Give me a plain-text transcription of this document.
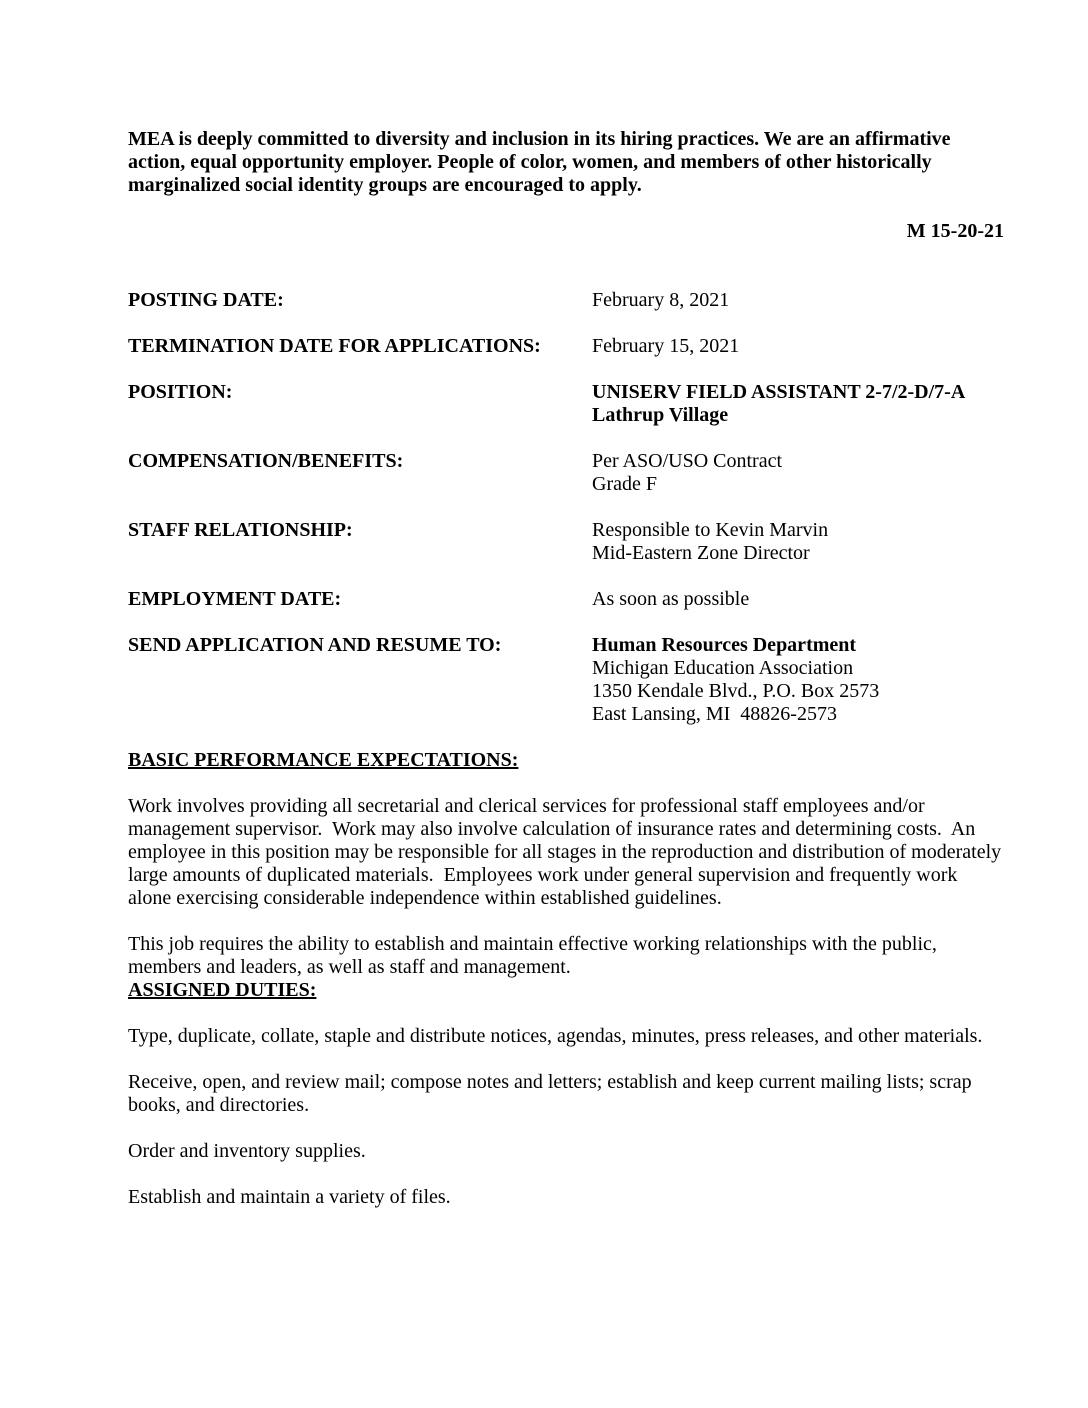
MEA is deeply committed to diversity and inclusion in its hiring practices. We are an affirmative action, equal opportunity employer. People of color, women, and members of other historically marginalized social identity groups are encouraged to apply.

M 15-20-21
POSTING DATE:	February 8, 2021
TERMINATION DATE FOR APPLICATIONS:	February 15, 2021
POSITION:	UNISERV FIELD ASSISTANT 2-7/2-D/7-A
Lathrup Village
COMPENSATION/BENEFITS:	Per ASO/USO Contract
Grade F
STAFF RELATIONSHIP:	Responsible to Kevin Marvin
Mid-Eastern Zone Director
EMPLOYMENT DATE:	As soon as possible
SEND APPLICATION AND RESUME TO:	Human Resources Department
Michigan Education Association
1350 Kendale Blvd., P.O. Box 2573
East Lansing, MI  48826-2573
BASIC PERFORMANCE EXPECTATIONS:

Work involves providing all secretarial and clerical services for professional staff employees and/or management supervisor.  Work may also involve calculation of insurance rates and determining costs.  An employee in this position may be responsible for all stages in the reproduction and distribution of moderately large amounts of duplicated materials.  Employees work under general supervision and frequently work alone exercising considerable independence within established guidelines.

This job requires the ability to establish and maintain effective working relationships with the public, members and leaders, as well as staff and management.

ASSIGNED DUTIES:

Type, duplicate, collate, staple and distribute notices, agendas, minutes, press releases, and other materials.

Receive, open, and review mail; compose notes and letters; establish and keep current mailing lists; scrap books, and directories.

Order and inventory supplies.

Establish and maintain a variety of files.
